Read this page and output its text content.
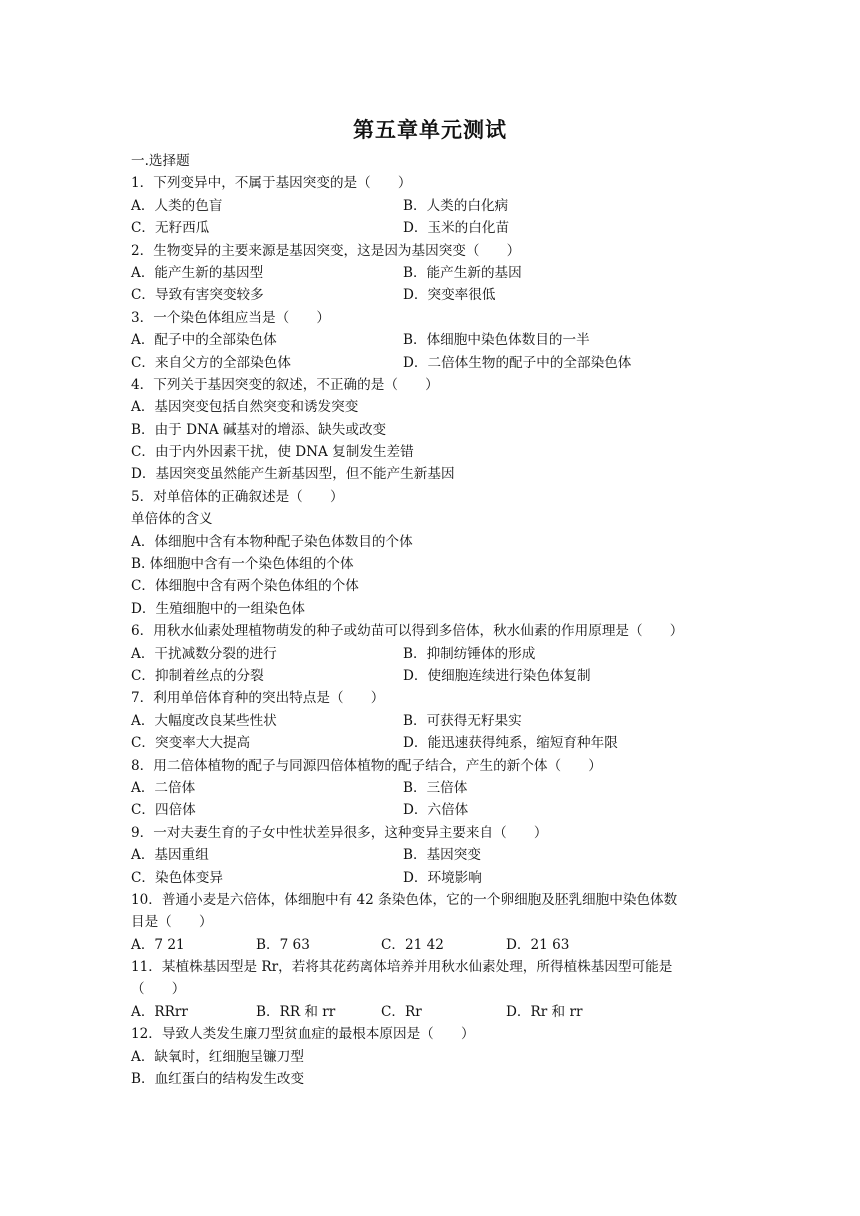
第五章单元测试
一.选择题
1．下列变异中，不属于基因突变的是（　　）
A．人类的色盲	B．人类的白化病
C．无籽西瓜	D．玉米的白化苗
2．生物变异的主要来源是基因突变，这是因为基因突变（　　）
A．能产生新的基因型	B．能产生新的基因
C．导致有害突变较多	D．突变率很低
3．一个染色体组应当是（　　）
A．配子中的全部染色体	B．体细胞中染色体数目的一半
C．来自父方的全部染色体	D．二倍体生物的配子中的全部染色体
4．下列关于基因突变的叙述，不正确的是（　　）
A．基因突变包括自然突变和诱发突变
B．由于 DNA 碱基对的增添、缺失或改变
C．由于内外因素干扰，使 DNA 复制发生差错
D．基因突变虽然能产生新基因型，但不能产生新基因
5．对单倍体的正确叙述是（　　）
单倍体的含义
A．体细胞中含有本物种配子染色体数目的个体
B. 体细胞中含有一个染色体组的个体
C．体细胞中含有两个染色体组的个体
D．生殖细胞中的一组染色体
6．用秋水仙素处理植物萌发的种子或幼苗可以得到多倍体，秋水仙素的作用原理是（　　）
A．干扰减数分裂的进行	B．抑制纺锤体的形成
C．抑制着丝点的分裂	D．使细胞连续进行染色体复制
7．利用单倍体育种的突出特点是（　　）
A．大幅度改良某些性状	B．可获得无籽果实
C．突变率大大提高	D．能迅速获得纯系，缩短育种年限
8．用二倍体植物的配子与同源四倍体植物的配子结合，产生的新个体（　　）
A．二倍体	B．三倍体
C．四倍体	D．六倍体
9．一对夫妻生育的子女中性状差异很多，这种变异主要来自（　　）
A．基因重组	B．基因突变
C．染色体变异	D．环境影响
10．普通小麦是六倍体，体细胞中有 42 条染色体，它的一个卵细胞及胚乳细胞中染色体数
目是（　　）
A．7 21	B．7 63	C．21 42	D．21 63
11．某植株基因型是 Rr，若将其花药离体培养并用秋水仙素处理，所得植株基因型可能是
（　　）
A．RRrr	B．RR 和 rr	C．Rr	D．Rr 和 rr
12．导致人类发生廉刀型贫血症的最根本原因是（　　）
A．缺氧时，红细胞呈镰刀型
B．血红蛋白的结构发生改变
